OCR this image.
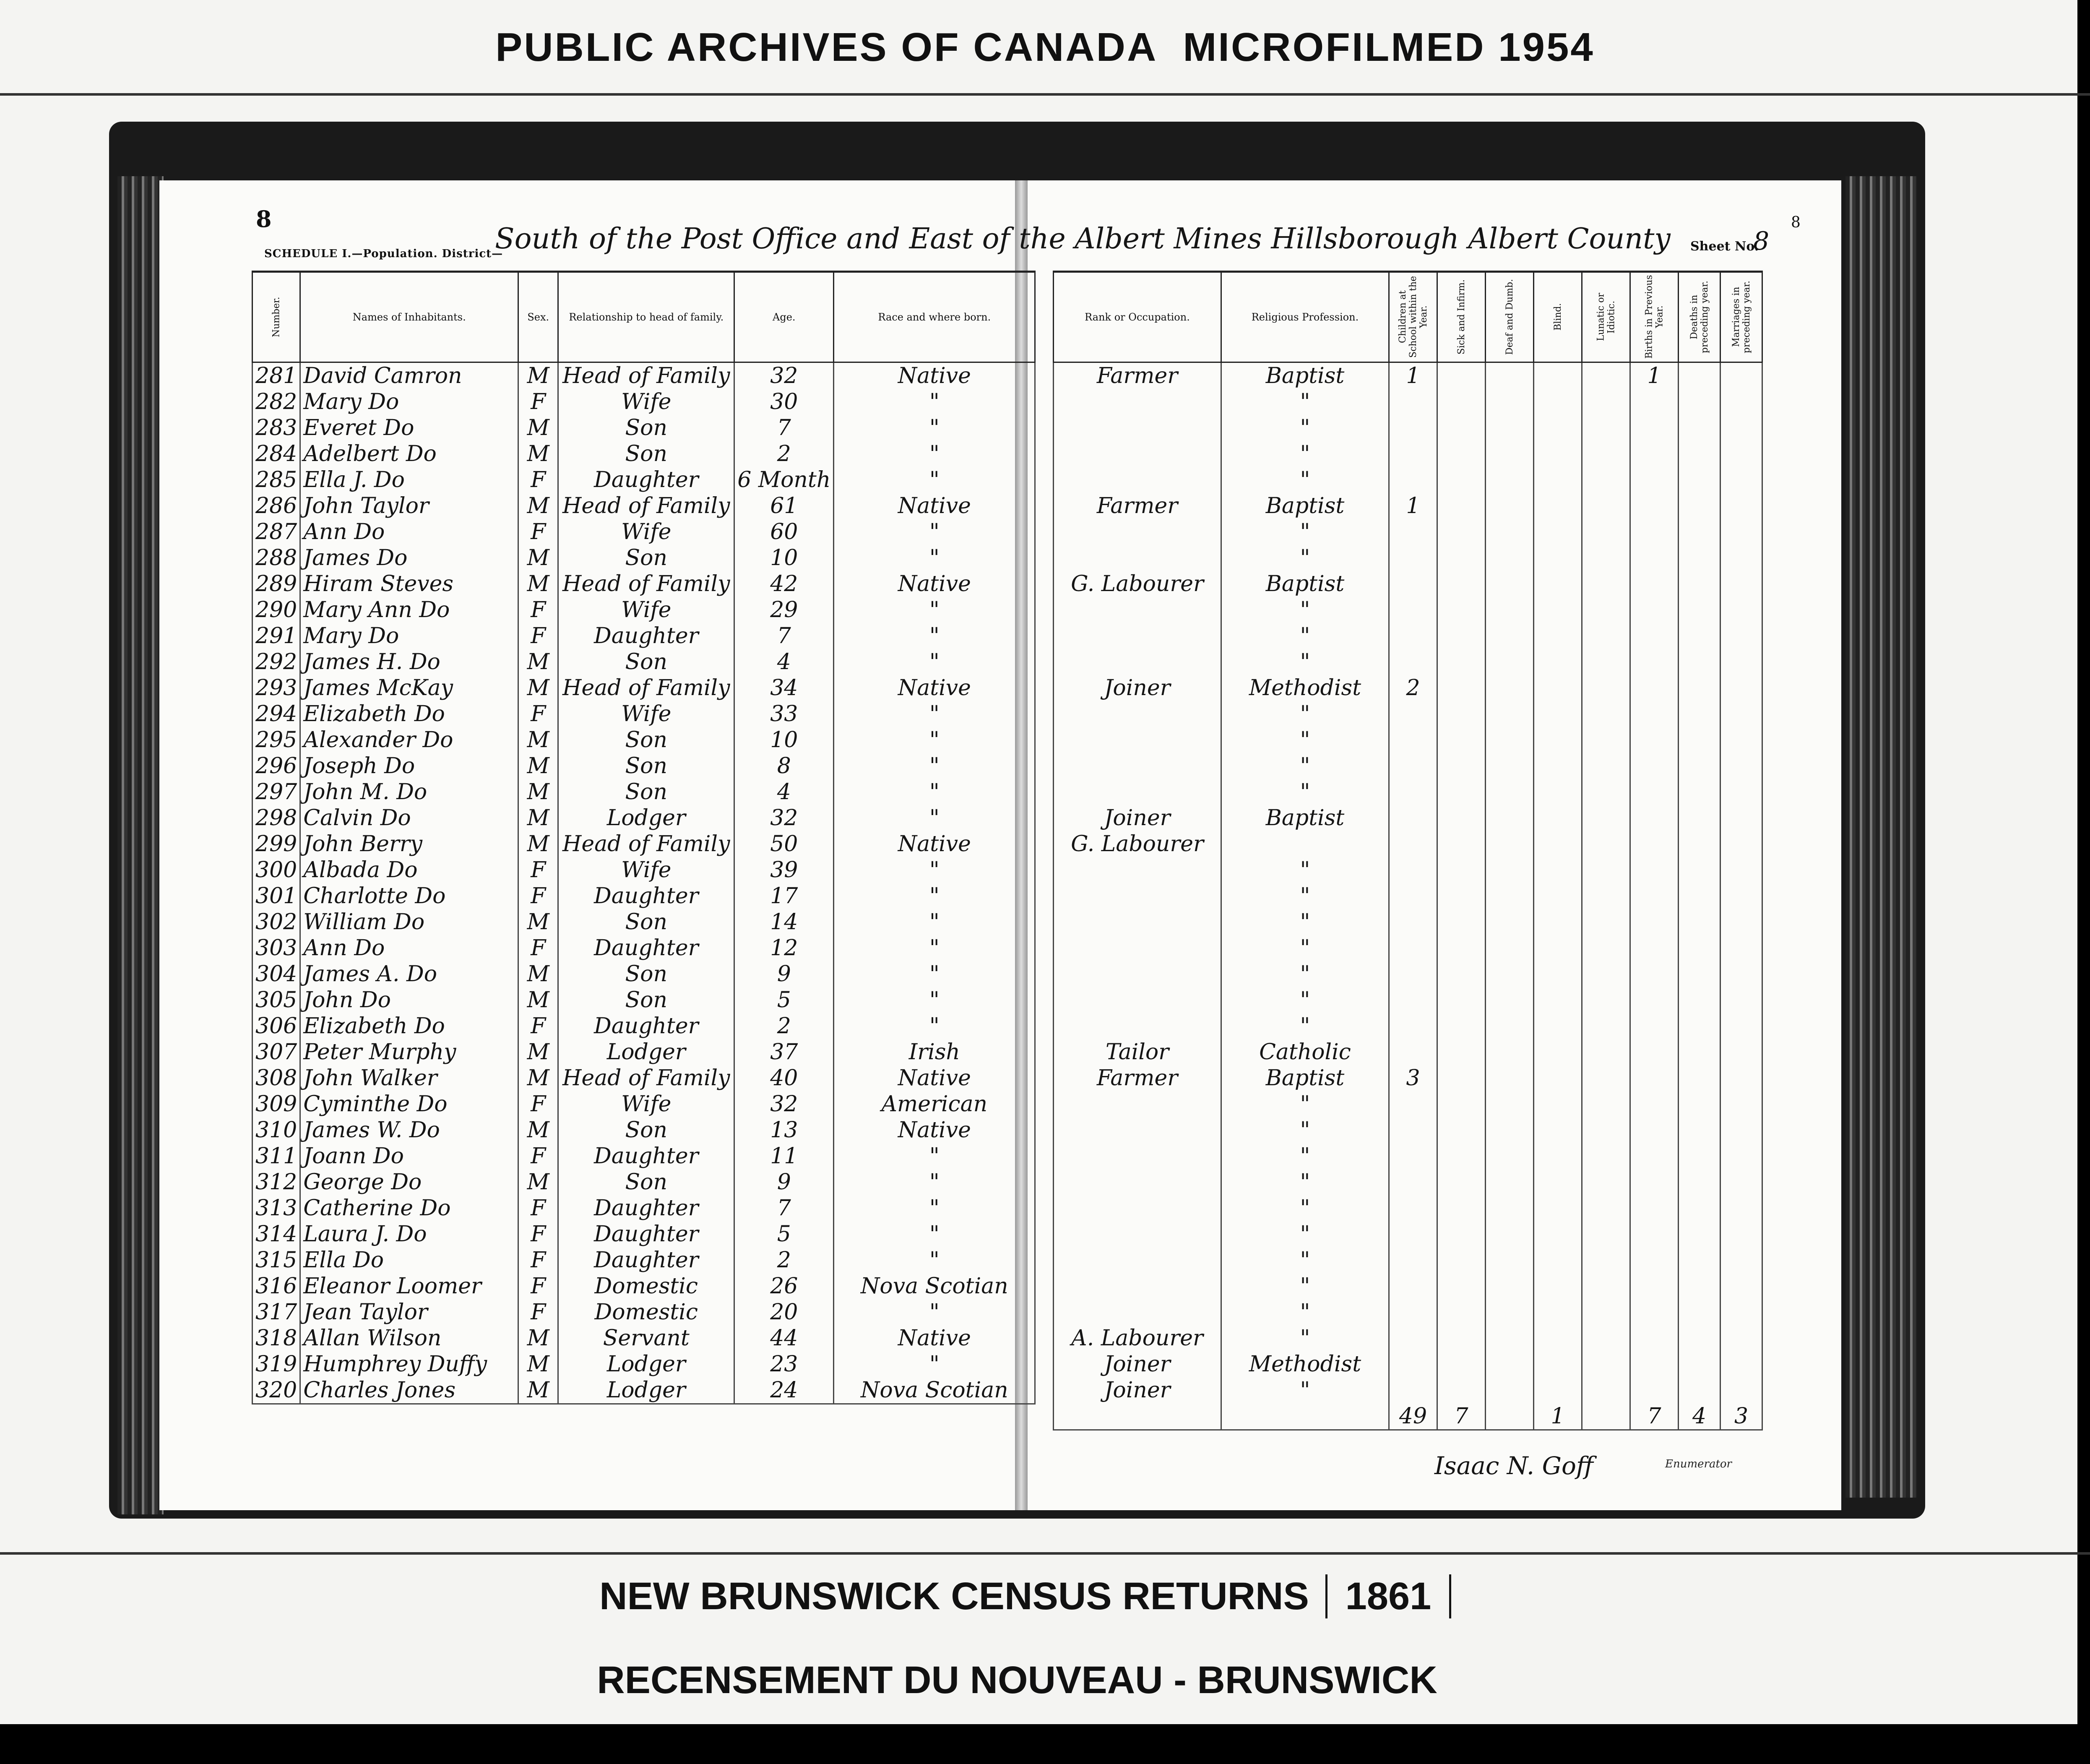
PUBLIC ARCHIVES OF CANADA MICROFILMED 1954
8
SCHEDULE I.—Population. District—
South of the Post Office and East of the Albert Mines Hillsborough Albert County Sheet No.
8
8
Number.	Names of Inhabitants.	Sex.	Relationship to head of family.	Age.	Race and where born.
281	David Camron	M	Head of Family	32	Native
282	Mary Do	F	Wife	30	"
283	Everet Do	M	Son	7	"
284	Adelbert Do	M	Son	2	"
285	Ella J. Do	F	Daughter	6 Month	"
286	John Taylor	M	Head of Family	61	Native
287	Ann Do	F	Wife	60	"
288	James Do	M	Son	10	"
289	Hiram Steves	M	Head of Family	42	Native
290	Mary Ann Do	F	Wife	29	"
291	Mary Do	F	Daughter	7	"
292	James H. Do	M	Son	4	"
293	James McKay	M	Head of Family	34	Native
294	Elizabeth Do	F	Wife	33	"
295	Alexander Do	M	Son	10	"
296	Joseph Do	M	Son	8	"
297	John M. Do	M	Son	4	"
298	Calvin Do	M	Lodger	32	"
299	John Berry	M	Head of Family	50	Native
300	Albada Do	F	Wife	39	"
301	Charlotte Do	F	Daughter	17	"
302	William Do	M	Son	14	"
303	Ann Do	F	Daughter	12	"
304	James A. Do	M	Son	9	"
305	John Do	M	Son	5	"
306	Elizabeth Do	F	Daughter	2	"
307	Peter Murphy	M	Lodger	37	Irish
308	John Walker	M	Head of Family	40	Native
309	Cyminthe Do	F	Wife	32	American
310	James W. Do	M	Son	13	Native
311	Joann Do	F	Daughter	11	"
312	George Do	M	Son	9	"
313	Catherine Do	F	Daughter	7	"
314	Laura J. Do	F	Daughter	5	"
315	Ella Do	F	Daughter	2	"
316	Eleanor Loomer	F	Domestic	26	Nova Scotian
317	Jean Taylor	F	Domestic	20	"
318	Allan Wilson	M	Servant	44	Native
319	Humphrey Duffy	M	Lodger	23	"
320	Charles Jones	M	Lodger	24	Nova Scotian
Rank or Occupation.	Religious Profession.	Children at School within the Year.	Sick and Infirm.	Deaf and Dumb.	Blind.	Lunatic or Idiotic.	Births in Previous Year.	Deaths in preceding year.	Marriages in preceding year.
Farmer	Baptist	1					1		
	"								
	"								
	"								
	"								
Farmer	Baptist	1							
	"								
	"								
G. Labourer	Baptist								
	"								
	"								
	"								
Joiner	Methodist	2							
	"								
	"								
	"								
	"								
Joiner	Baptist								
G. Labourer									
	"								
	"								
	"								
	"								
	"								
	"								
	"								
Tailor	Catholic								
Farmer	Baptist	3							
	"								
	"								
	"								
	"								
	"								
	"								
	"								
	"								
	"								
A. Labourer	"								
Joiner	Methodist								
Joiner	"								
		49	7		1		7	4	3
Isaac N. Goff	Enumerator
NEW BRUNSWICK CENSUS RETURNS 1861
RECENSEMENT DU NOUVEAU - BRUNSWICK
